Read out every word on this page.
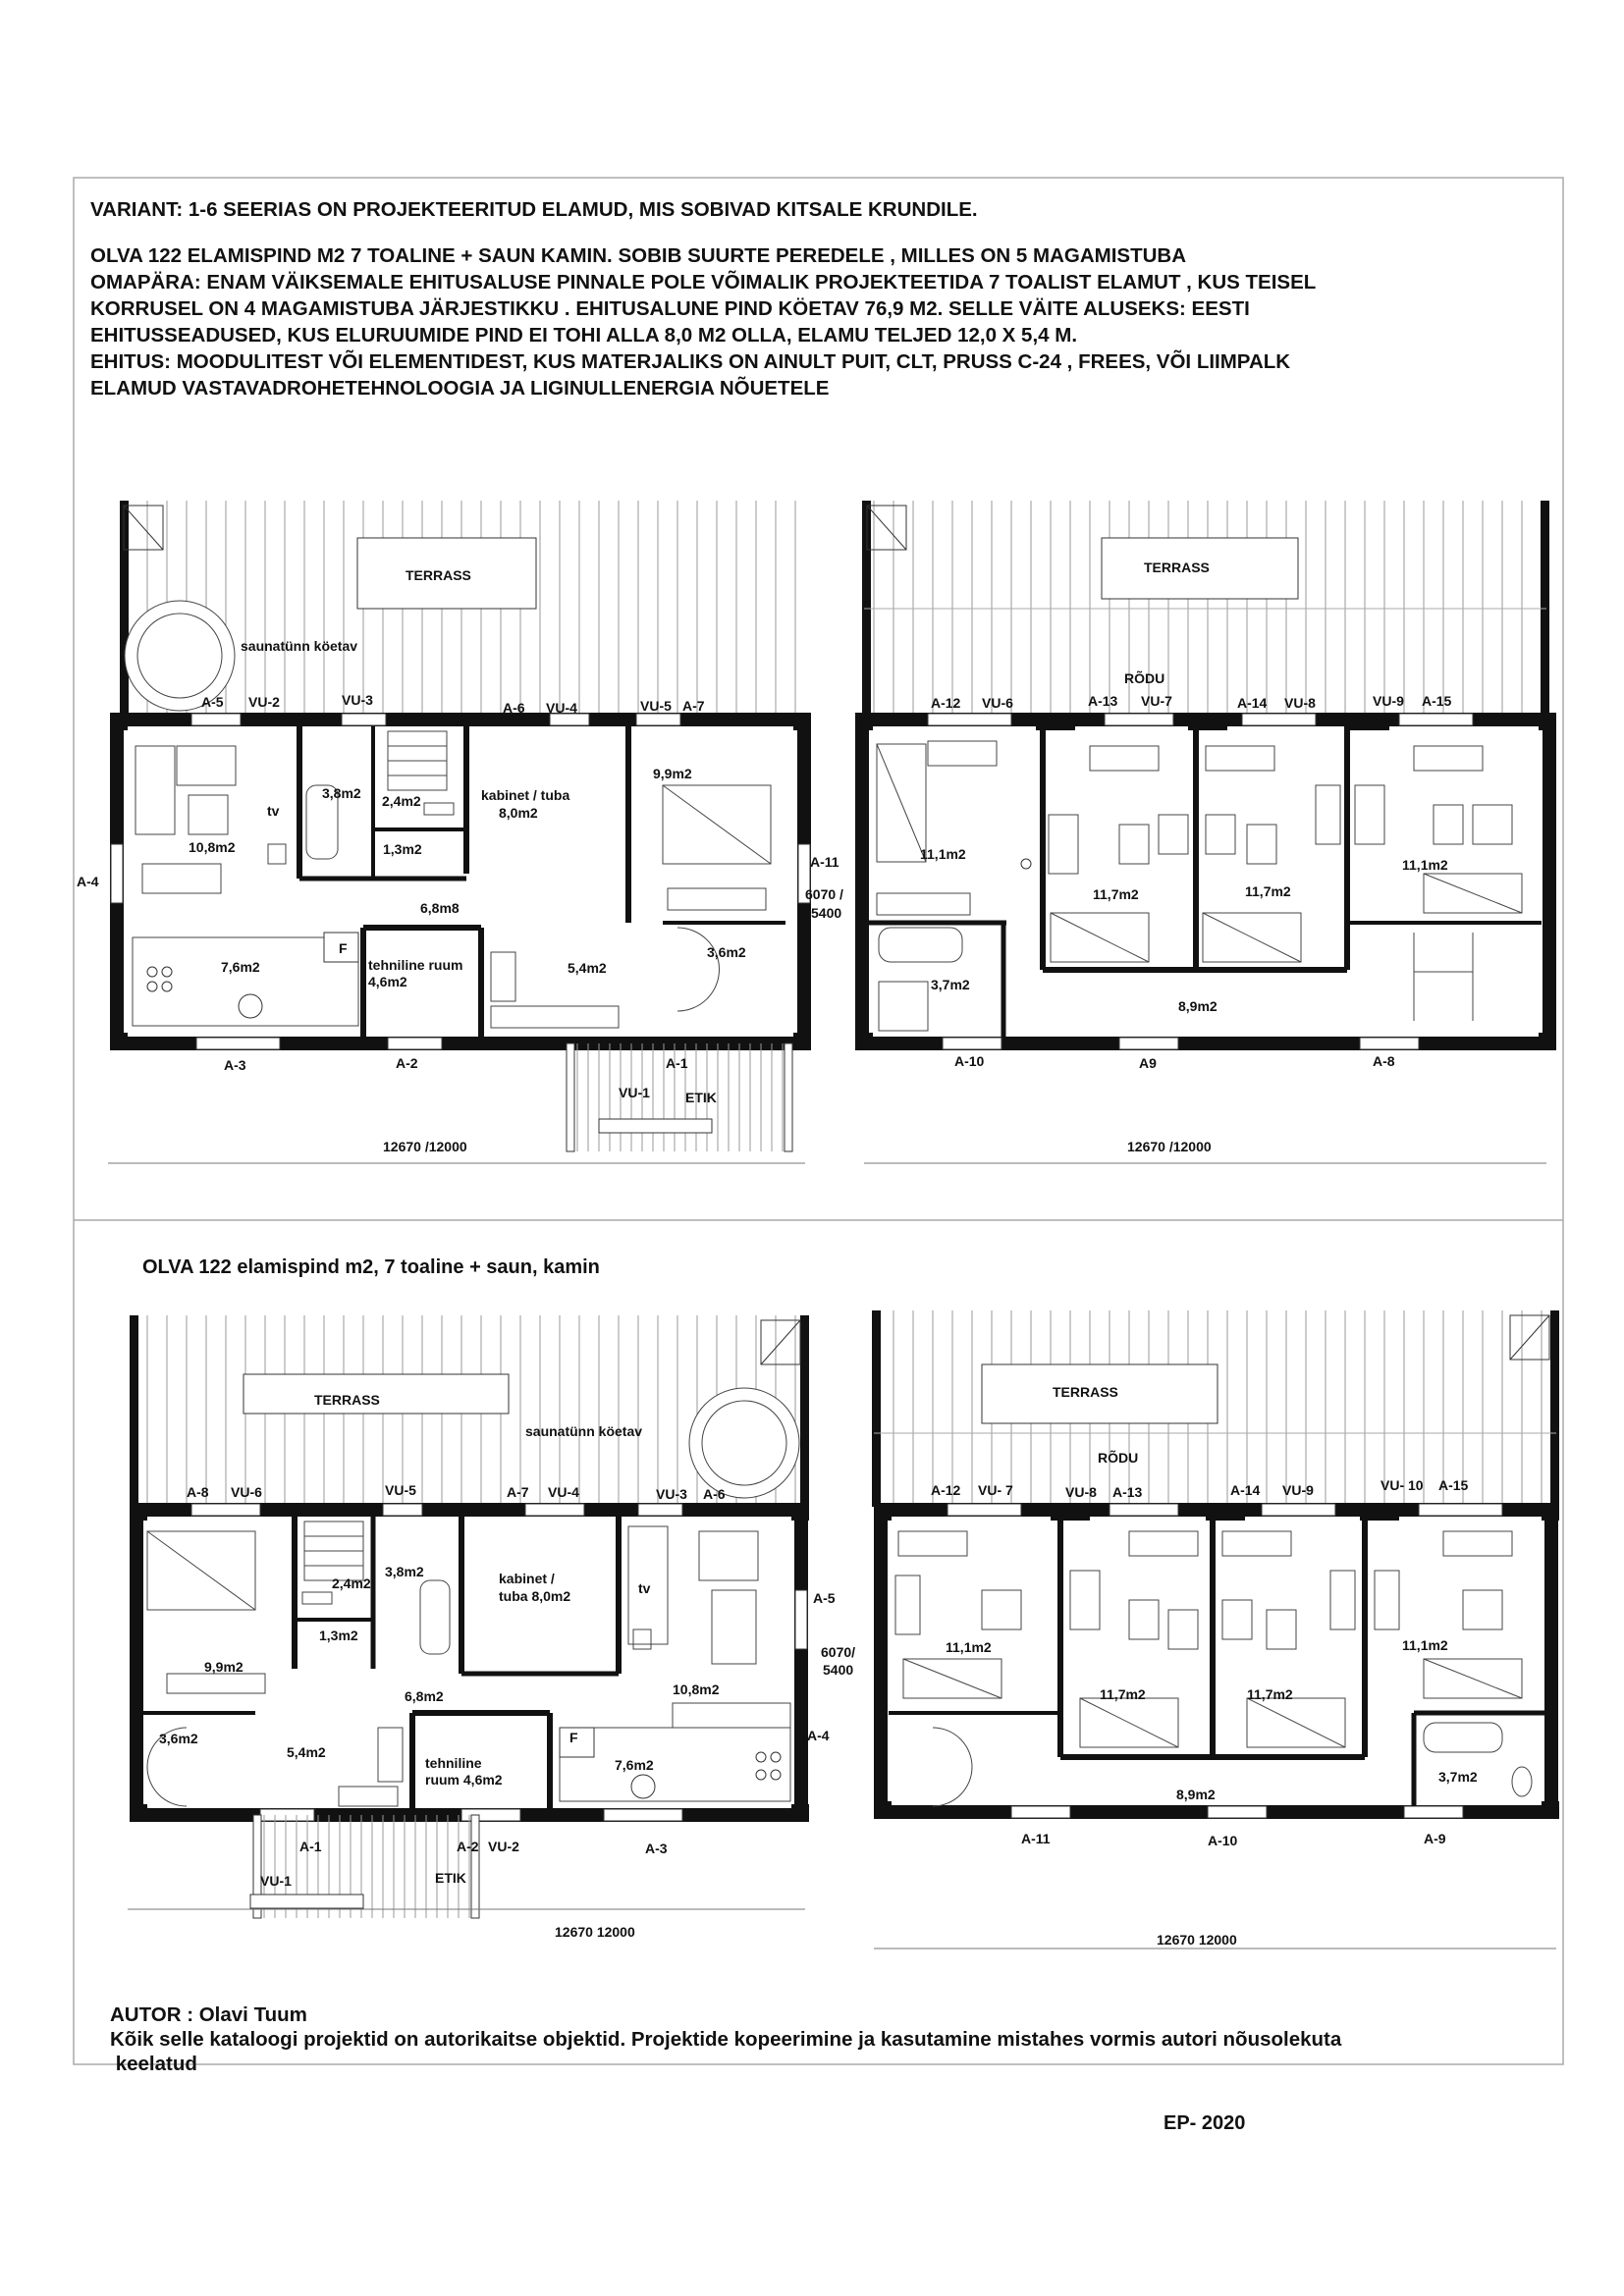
VARIANT: 1-6 SEERIAS ON PROJEKTEERITUD ELAMUD, MIS SOBIVAD KITSALE KRUNDILE.
OLVA 122 ELAMISPIND M2 7 TOALINE + SAUN KAMIN. SOBIB SUURTE PEREDELE , MILLES ON 5 MAGAMISTUBA
OMAPÄRA: ENAM VÄIKSEMALE EHITUSALUSE PINNALE POLE VÕIMALIK PROJEKTEETIDA 7 TOALIST ELAMUT , KUS TEISEL
KORRUSEL ON 4 MAGAMISTUBA JÄRJESTIKKU . EHITUSALUNE PIND KÖETAV 76,9 M2. SELLE VÄITE ALUSEKS: EESTI
EHITUSSEADUSED, KUS ELURUUMIDE PIND EI TOHI ALLA 8,0 M2 OLLA, ELAMU TELJED 12,0 X 5,4 M.
EHITUS: MOODULITEST VÕI ELEMENTIDEST, KUS MATERJALIKS ON AINULT PUIT, CLT, PRUSS C-24 , FREES, VÕI LIIMPALK
ELAMUD VASTAVADROHETEHNOLOOGIA JA LIGINULLENERGIA NÕUETELE
TERRASS
saunatünn köetav
A-5 VU-2	VU-3	A-6 VU-4	VU-5 A-7
A-4
A-11
6070 /
5400
10,8m2
tv
3,8m2 2,4m2
1,3m2
kabinet / tuba
8,0m2
9,9m2
6,8m8
7,6m2
F
tehniline ruum
4,6m2
5,4m2
3,6m2
A-3	A-2	A-1
VU-1	ETIK
12670 /12000
TERRASS
RÕDU
A-12 VU-6	A-13 VU-7	A-14 VU-8	VU-9 A-15
11,1m2
11,7m2	11,7m2
11,1m2
3,7m2
8,9m2
A-10	A9	A-8
12670 /12000
OLVA 122 elamispind m2, 7 toaline + saun, kamin
TERRASS
saunatünn köetav
A-8 VU-6	VU-5	A-7 VU-4	VU-3 A-6
2,4m2
3,8m2
1,3m2
kabinet /
tuba 8,0m2	tv
9,9m2
6,8m2	10,8m2
A-5
6070/
5400
A-4
3,6m2
5,4m2
tehniline
ruum 4,6m2
F
7,6m2
A-1	A-2 VU-2	A-3
VU-1	ETIK
12670 12000
TERRASS
RÕDU
A-12 VU- 7	VU-8 A-13	A-14 VU-9	VU- 10 A-15
11,1m2
11,7m2	11,7m2
11,1m2
8,9m2
3,7m2
A-11	A-10	A-9
12670 12000
AUTOR : Olavi Tuum
Kõik selle kataloogi projektid on autorikaitse objektid. Projektide kopeerimine ja kasutamine mistahes vormis autori nõusolekuta
keelatud
EP- 2020
